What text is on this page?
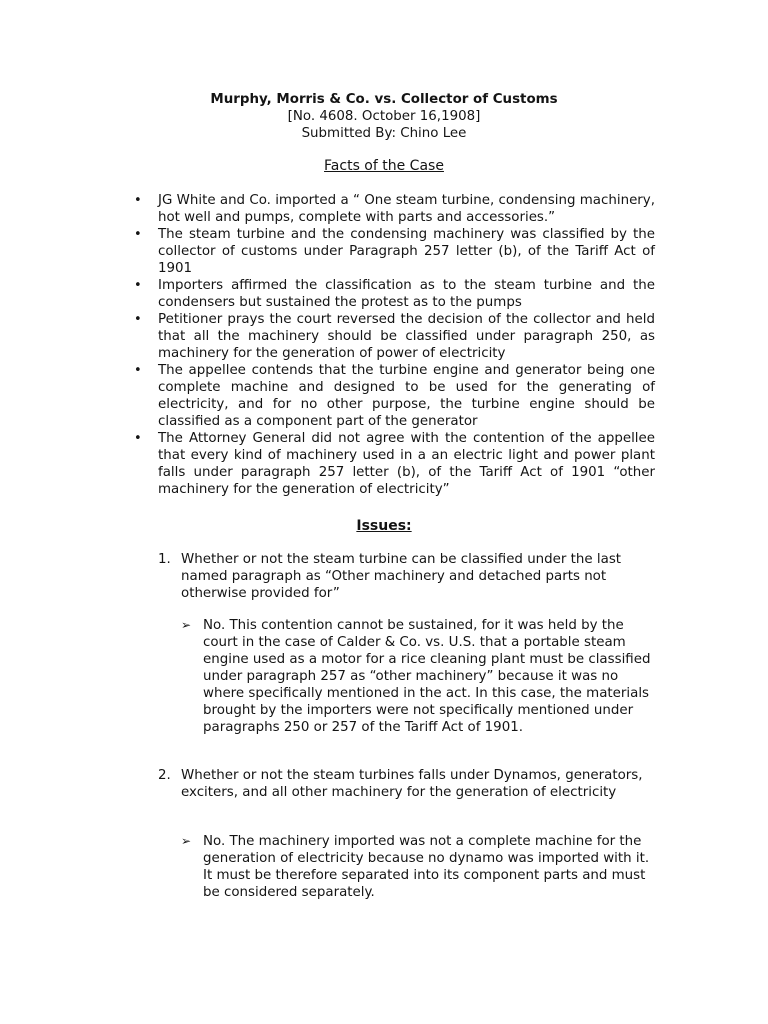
Murphy, Morris & Co. vs. Collector of Customs
[No. 4608. October 16,1908]
Submitted By: Chino Lee
Facts of the Case
• JG White and Co. imported a “ One steam turbine, condensing machinery, hot well and pumps, complete with parts and accessories.”
• The steam turbine and the condensing machinery was classified by the collector of customs under Paragraph 257 letter (b), of the Tariff Act of 1901
• Importers affirmed the classification as to the steam turbine and the condensers but sustained the protest as to the pumps
• Petitioner prays the court reversed the decision of the collector and held that all the machinery should be classified under paragraph 250, as machinery for the generation of power of electricity
• The appellee contends that the turbine engine and generator being one complete machine and designed to be used for the generating of electricity, and for no other purpose, the turbine engine should be classified as a component part of the generator
• The Attorney General did not agree with the contention of the appellee that every kind of machinery used in a an electric light and power plant falls under paragraph 257 letter (b), of the Tariff Act of 1901 “other machinery for the generation of electricity”
Issues:
1. Whether or not the steam turbine can be classified under the last named paragraph as “Other machinery and detached parts not otherwise provided for”
➢ No. This contention cannot be sustained, for it was held by the court in the case of Calder & Co. vs. U.S. that a portable steam engine used as a motor for a rice cleaning plant must be classified under paragraph 257 as “other machinery” because it was no where specifically mentioned in the act. In this case, the materials brought by the importers were not specifically mentioned under paragraphs 250 or 257 of the Tariff Act of 1901.
2. Whether or not the steam turbines falls under Dynamos, generators, exciters, and all other machinery for the generation of electricity
➢ No. The machinery imported was not a complete machine for the generation of electricity because no dynamo was imported with it. It must be therefore separated into its component parts and must be considered separately.
